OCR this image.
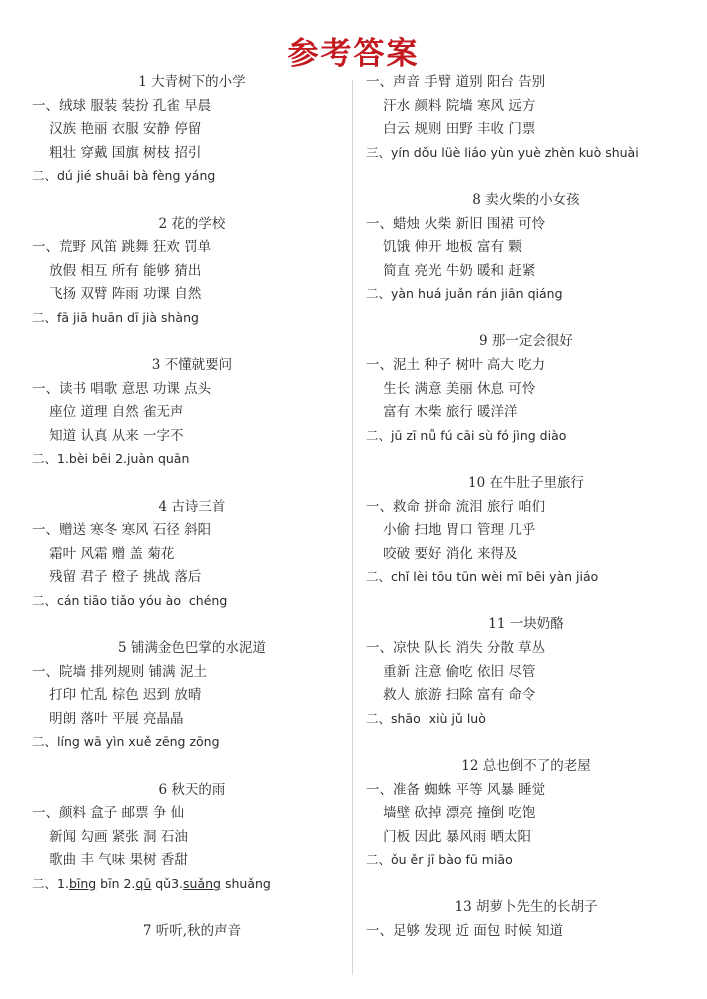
参考答案
1 大青树下的小学
一、绒球 服装 装扮 孔雀 早晨
汉族 艳丽 衣服 安静 停留
粗壮 穿戴 国旗 树枝 招引
二、dú jié shuāi bà fèng yáng
2 花的学校
一、荒野 风笛 跳舞 狂欢 罚单
放假 相互 所有 能够 猜出
飞扬 双臂 阵雨 功课 自然
二、fā jiā huān dī jià shàng
3 不懂就要问
一、读书 唱歌 意思 功课 点头
座位 道理 自然 雀无声
知道 认真 从来 一字不
二、1.bèi bēi 2.juàn quān
4 古诗三首
一、赠送 寒冬 寒风 石径 斜阳
霜叶 风霜 赠 盖 菊花
残留 君子 橙子 挑战 落后
二、cán tiāo tiǎo yóu ào  chéng
5 铺满金色巴掌的水泥道
一、院墙 排列规则 铺满 泥土
打印 忙乱 棕色 迟到 放晴
明朗 落叶 平展 亮晶晶
二、líng wā yìn xuě zēng zōng
6 秋天的雨
一、颜料 盒子 邮票 争 仙
新闻 勾画 紧张 洞 石油
歌曲 丰 气味 果树 香甜
二、1.bīng bīn 2.qū qǔ3.suǎng shuǎng
7 听听,秋的声音
一、声音 手臂 道别 阳台 告别
汗水 颜料 院墙 寒风 远方
白云 规则 田野 丰收 门票
三、yín dǒu lüè liáo yùn yuè zhèn kuò shuài
8 卖火柴的小女孩
一、蜡烛 火柴 新旧 围裙 可怜
饥饿 伸开 地板 富有 颗
简直 亮光 牛奶 暖和 赶紧
二、yàn huá juǎn rán jiān qiáng
9 那一定会很好
一、泥土 种子 树叶 高大 吃力
生长 满意 美丽 休息 可怜
富有 木柴 旅行 暖洋洋
二、jū zī nǚ fú cāi sù fó jìng diào
10 在牛肚子里旅行
一、救命 拼命 流泪 旅行 咱们
小偷 扫地 胃口 管理 几乎
咬破 要好 消化 来得及
二、chǐ lèi tōu tūn wèi mī bēi yàn jiáo
11 一块奶酪
一、凉快 队长 消失 分散 草丛
重新 注意 偷吃 依旧 尽管
救人 旅游 扫除 富有 命令
二、shāo  xiù jǔ luò
12 总也倒不了的老屋
一、准备 蜘蛛 平等 风暴 睡觉
墙壁 砍掉 漂亮 撞倒 吃饱
门板 因此 暴风雨 晒太阳
二、ǒu ěr jī bào fū miāo
13 胡萝卜先生的长胡子
一、足够 发现 近 面包 时候 知道
